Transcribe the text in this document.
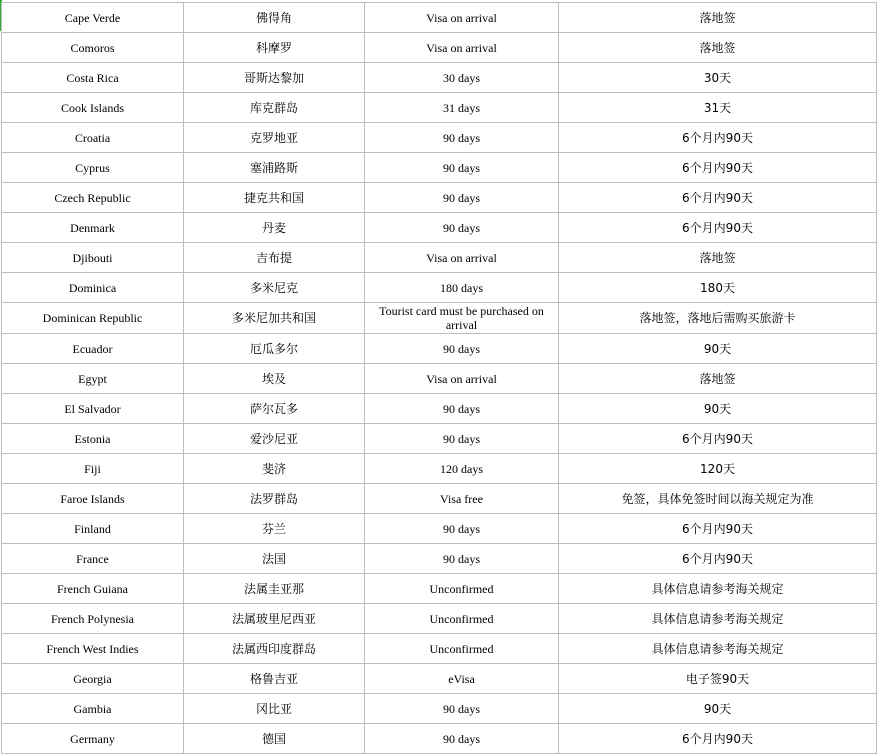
Cape Verde	佛得角	Visa on arrival	落地签
Comoros	科摩罗	Visa on arrival	落地签
Costa Rica	哥斯达黎加	30 days	30天
Cook Islands	库克群岛	31 days	31天
Croatia	克罗地亚	90 days	6个月内90天
Cyprus	塞浦路斯	90 days	6个月内90天
Czech Republic	捷克共和国	90 days	6个月内90天
Denmark	丹麦	90 days	6个月内90天
Djibouti	吉布提	Visa on arrival	落地签
Dominica	多米尼克	180 days	180天
Dominican Republic	多米尼加共和国	Tourist card must be purchased on arrival	落地签，落地后需购买旅游卡
Ecuador	厄瓜多尔	90 days	90天
Egypt	埃及	Visa on arrival	落地签
El Salvador	萨尔瓦多	90 days	90天
Estonia	爱沙尼亚	90 days	6个月内90天
Fiji	斐济	120 days	120天
Faroe Islands	法罗群岛	Visa free	免签，具体免签时间以海关规定为准
Finland	芬兰	90 days	6个月内90天
France	法国	90 days	6个月内90天
French Guiana	法属圭亚那	Unconfirmed	具体信息请参考海关规定
French Polynesia	法属玻里尼西亚	Unconfirmed	具体信息请参考海关规定
French West Indies	法属西印度群岛	Unconfirmed	具体信息请参考海关规定
Georgia	格鲁吉亚	eVisa	电子签90天
Gambia	冈比亚	90 days	90天
Germany	德国	90 days	6个月内90天
